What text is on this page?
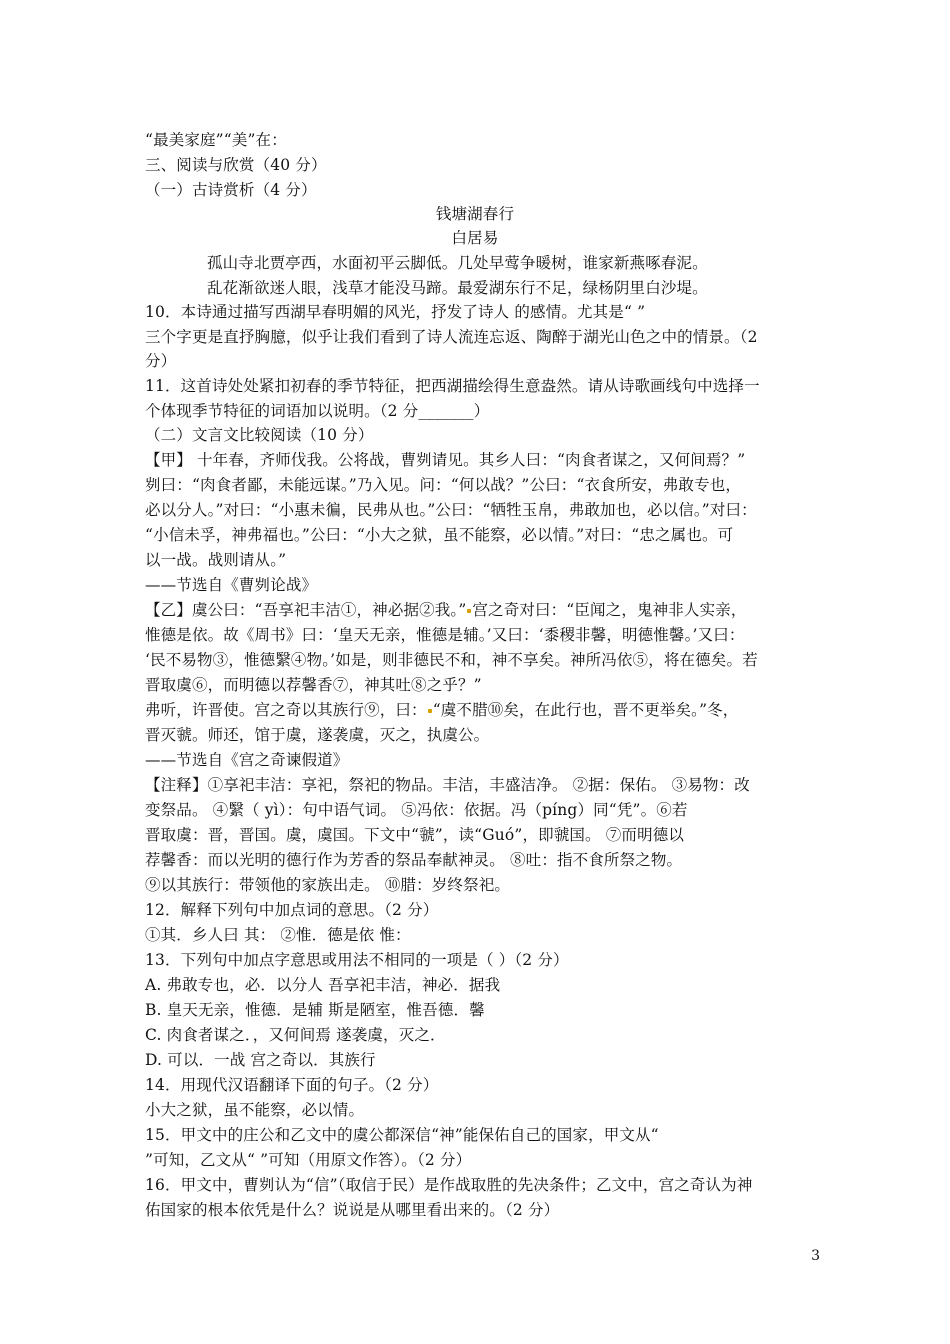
“最美家庭”“美”在：
三、阅读与欣赏（40 分）
（一）古诗赏析（4 分）
钱塘湖春行
白居易
孤山寺北贾亭西，水面初平云脚低。几处早莺争暖树，谁家新燕啄春泥。
乱花渐欲迷人眼，浅草才能没马蹄。最爱湖东行不足，绿杨阴里白沙堤。
10．本诗通过描写西湖早春明媚的风光，抒发了诗人 的感情。尤其是“ ”
三个字更是直抒胸臆，似乎让我们看到了诗人流连忘返、陶醉于湖光山色之中的情景。（2
分）
11．这首诗处处紧扣初春的季节特征，把西湖描绘得生意盎然。请从诗歌画线句中选择一
个体现季节特征的词语加以说明。（2 分_______）
（二）文言文比较阅读（10 分）
【甲】 十年春，齐师伐我。公将战，曹刿请见。其乡人曰：“肉食者谋之，又何间焉？”
刿曰：“肉食者鄙，未能远谋。”乃入见。问：“何以战？”公曰：“衣食所安，弗敢专也，
必以分人。”对曰：“小惠未徧，民弗从也。”公曰：“牺牲玉帛，弗敢加也，必以信。”对曰：
“小信未孚，神弗福也。”公曰：“小大之狱，虽不能察，必以情。”对曰：“忠之属也。可
以一战。战则请从。”
——节选自《曹刿论战》
【乙】虞公曰：“吾享祀丰洁①，神必据②我。” 宫之奇对曰：“臣闻之，鬼神非人实亲，
惟德是依。故《周书》曰：‘皇天无亲，惟德是辅。’又曰：‘黍稷非馨，明德惟馨。’又曰：
‘民不易物③，惟德繄④物。’如是，则非德民不和，神不享矣。神所冯依⑤，将在德矣。若
晋取虞⑥，而明德以荐馨香⑦，神其吐⑧之乎？”
弗听，许晋使。宫之奇以其族行⑨，曰： “虞不腊⑩矣，在此行也，晋不更举矣。”冬，
晋灭虢。师还，馆于虞，遂袭虞，灭之，执虞公。
——节选自《宫之奇谏假道》
【注释】①享祀丰洁：享祀，祭祀的物品。丰洁，丰盛洁净。 ②据：保佑。 ③易物：改
变祭品。 ④繄（ yì）：句中语气词。 ⑤冯依：依据。冯（píng）同“凭”。⑥若
晋取虞：晋，晋国。虞，虞国。下文中“虢”，读“Guó”，即虢国。 ⑦而明德以
荐馨香：而以光明的德行作为芳香的祭品奉献神灵。 ⑧吐：指不食所祭之物。
⑨以其族行：带领他的家族出走。 ⑩腊：岁终祭祀。
12．解释下列句中加点词的意思。（2 分）
①其．乡人曰 其： ②惟．德是依 惟：
13．下列句中加点字意思或用法不相同的一项是（ ）（2 分）
A. 弗敢专也，必．以分人 吾享祀丰洁，神必．据我
B. 皇天无亲，惟德．是辅 斯是陋室，惟吾德．馨
C. 肉食者谋之．，又何间焉 遂袭虞，灭之．
D. 可以．一战 宫之奇以．其族行
14．用现代汉语翻译下面的句子。（2 分）
小大之狱，虽不能察，必以情。
15．甲文中的庄公和乙文中的虞公都深信“神”能保佑自己的国家，甲文从“
”可知，乙文从“ ”可知（用原文作答）。（2 分）
16．甲文中，曹刿认为“信”（取信于民）是作战取胜的先决条件；乙文中，宫之奇认为神
佑国家的根本依凭是什么？说说是从哪里看出来的。（2 分）
3
